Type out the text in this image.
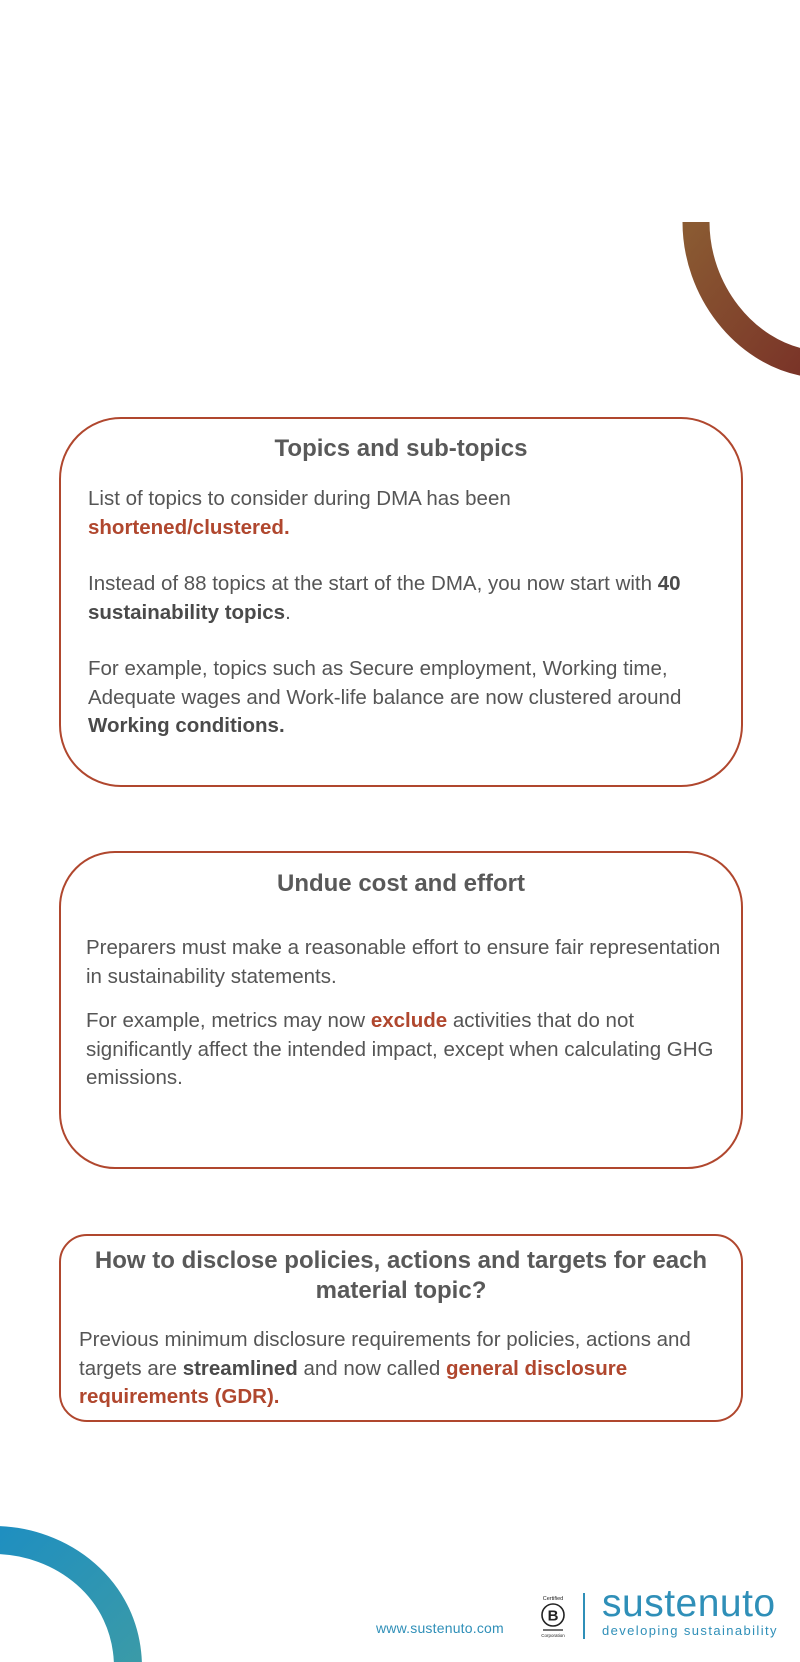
Topics and sub-topics

List of topics to consider during DMA has been shortened/clustered.

Instead of 88 topics at the start of the DMA, you now start with 40 sustainability topics.

For example, topics such as Secure employment, Working time, Adequate wages and Work-life balance are now clustered around Working conditions.

Undue cost and effort

Preparers must make a reasonable effort to ensure fair representation in sustainability statements.

For example, metrics may now exclude activities that do not significantly affect the intended impact, except when calculating GHG emissions.

How to disclose policies, actions and targets for each material topic?

Previous minimum disclosure requirements for policies, actions and targets are streamlined and now called general disclosure requirements (GDR).

www.sustenuto.com
Certified
B
Corporation
sustenuto
developing sustainability
